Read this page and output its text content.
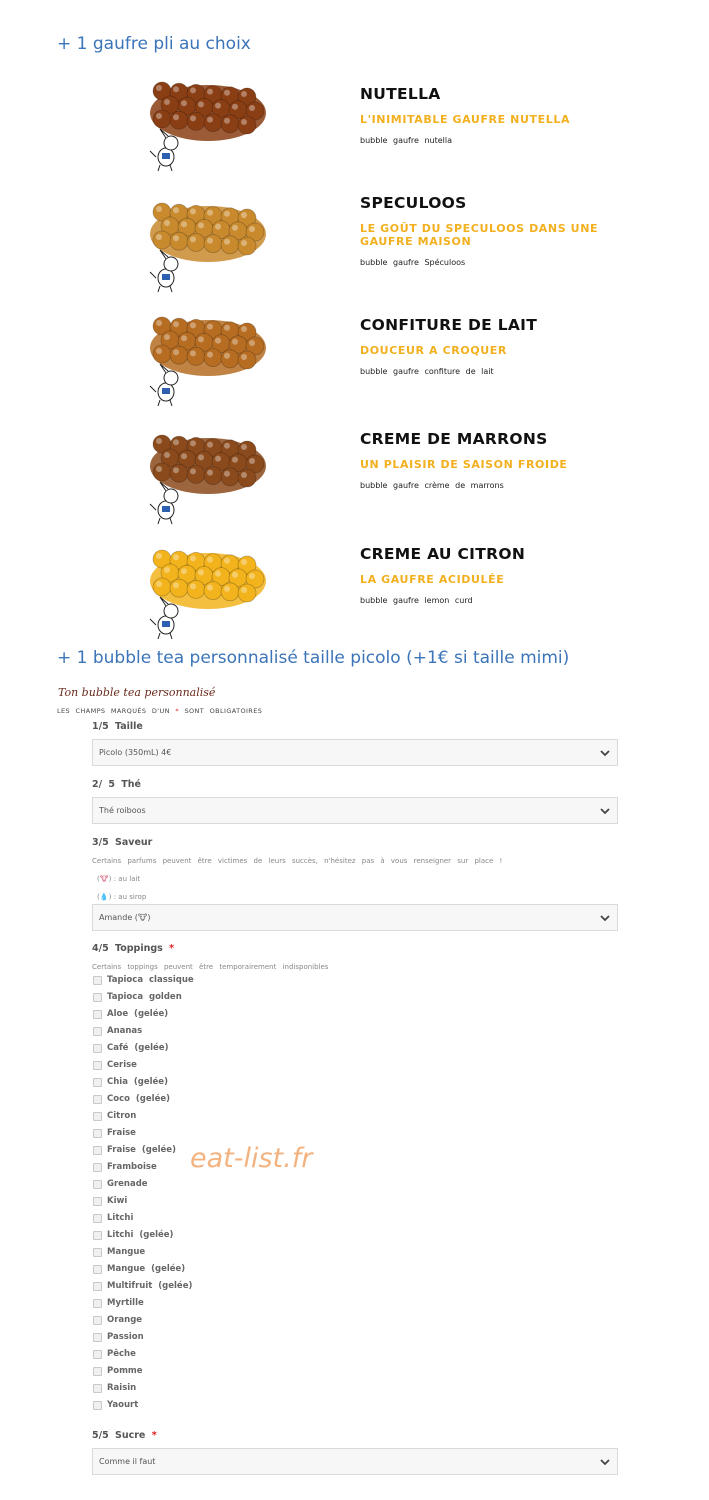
+ 1 gaufre pli au choix
NUTELLA
L'INIMITABLE GAUFRE NUTELLA
bubble gaufre nutella
SPECULOOS
LE GOÛT DU SPECULOOS DANS UNE GAUFRE MAISON
bubble gaufre Spéculoos
CONFITURE DE LAIT
DOUCEUR A CROQUER
bubble gaufre confiture de lait
CREME DE MARRONS
UN PLAISIR DE SAISON FROIDE
bubble gaufre crème de marrons
CREME AU CITRON
LA GAUFRE ACIDULÉE
bubble gaufre lemon curd
+ 1 bubble tea personnalisé taille picolo (+1€ si taille mimi)
Ton bubble tea personnalisé
LES CHAMPS MARQUÉS D'UN * SONT OBLIGATOIRES
1/5 Taille
Picolo (350mL) 4€
2/ 5 Thé
Thé roiboos
3/5 Saveur
Certains parfums peuvent être victimes de leurs succès, n'hésitez pas à vous renseigner sur place !
(🐮) : au lait
(💧) : au sirop
Amande (🐮)
4/5 Toppings *
Certains toppings peuvent être temporairement indisponibles
Tapioca classique
Tapioca golden
Aloe (gelée)
Ananas
Café (gelée)
Cerise
Chia (gelée)
Coco (gelée)
Citron
Fraise
Fraise (gelée)
Framboise
Grenade
Kiwi
Litchi
Litchi (gelée)
Mangue
Mangue (gelée)
Multifruit (gelée)
Myrtille
Orange
Passion
Pêche
Pomme
Raisin
Yaourt
5/5 Sucre *
Comme il faut
eat-list.fr
